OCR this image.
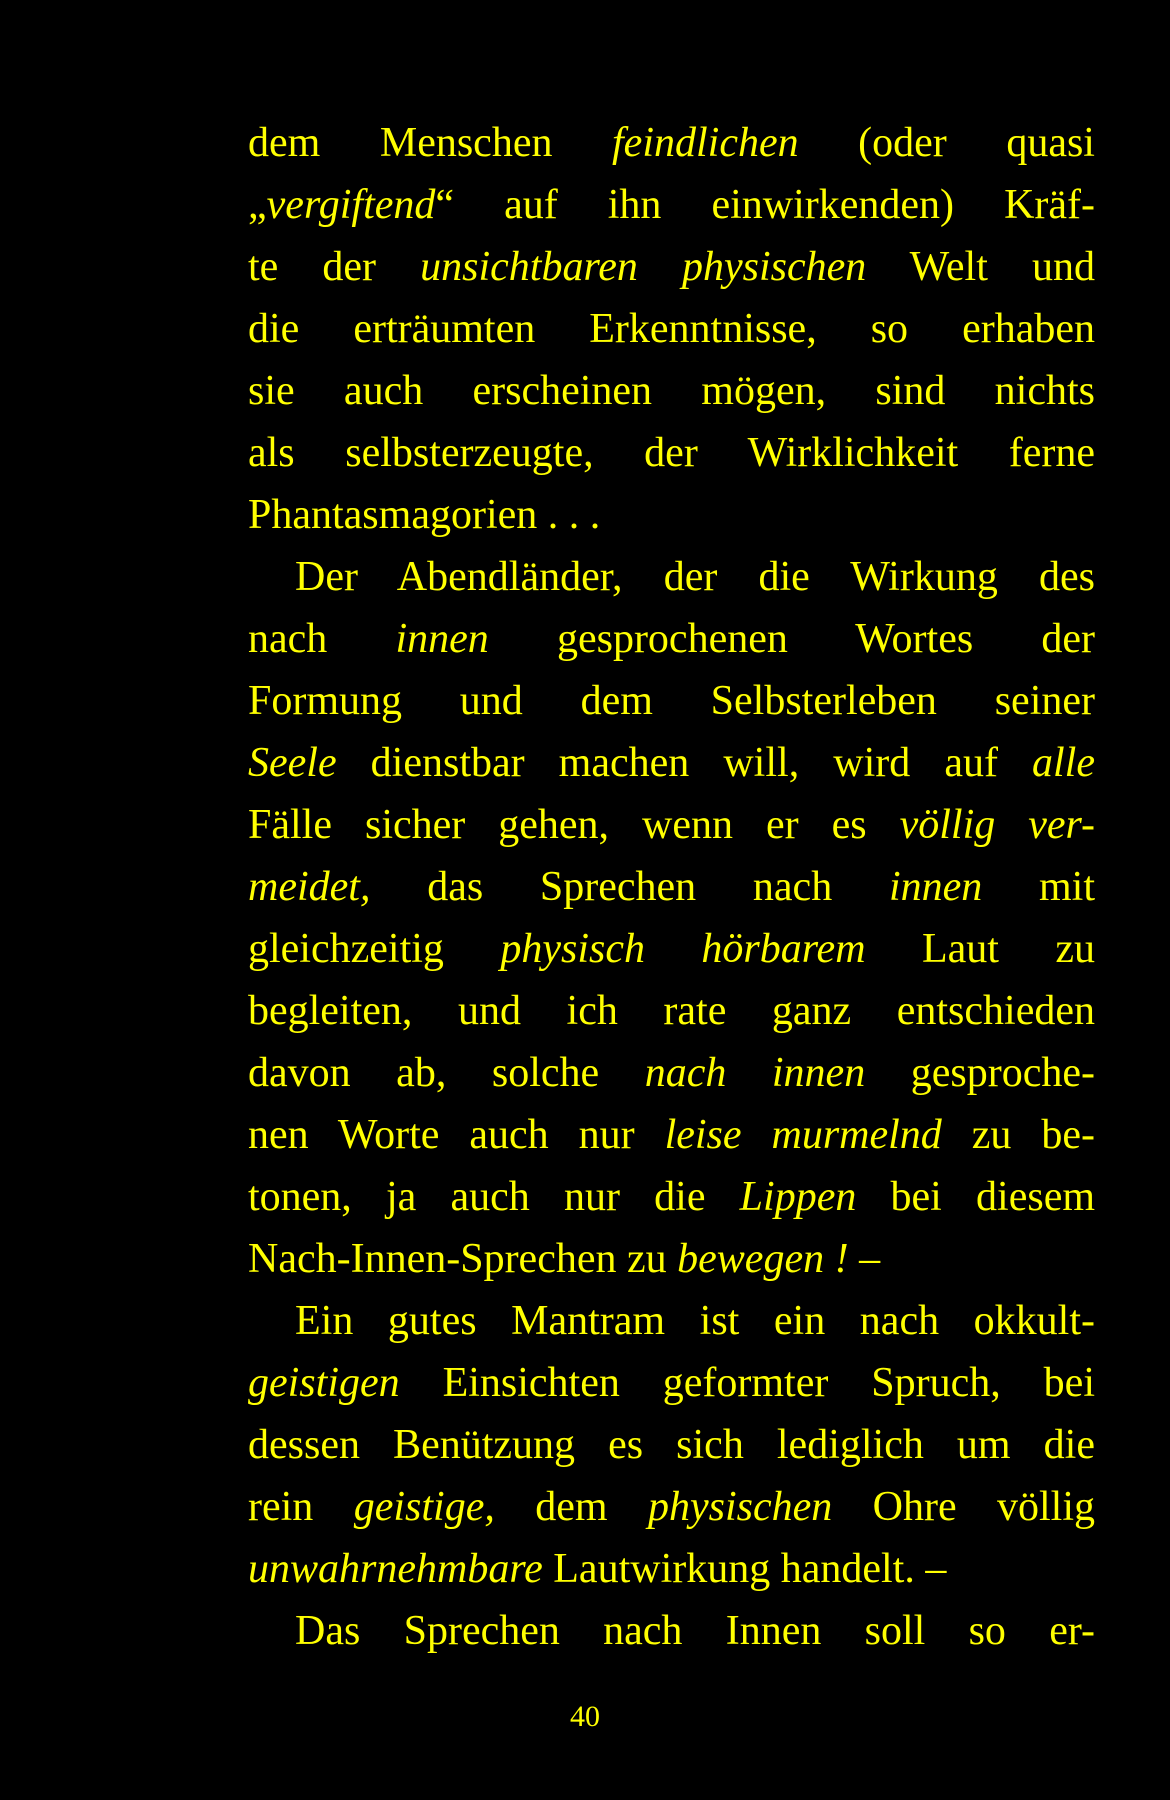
dem Menschen feindlichen (oder quasi
„vergiftend“ auf ihn einwirkenden) Kräf-
te der unsichtbaren physischen Welt und
die erträumten Erkenntnisse, so erhaben
sie auch erscheinen mögen, sind nichts
als selbsterzeugte, der Wirklichkeit ferne
Phantasmagorien . . .
Der Abendländer, der die Wirkung des
nach innen gesprochenen Wortes der
Formung und dem Selbsterleben seiner
Seele dienstbar machen will, wird auf alle
Fälle sicher gehen, wenn er es völlig ver-
meidet, das Sprechen nach innen mit
gleichzeitig physisch hörbarem Laut zu
begleiten, und ich rate ganz entschieden
davon ab, solche nach innen gesproche-
nen Worte auch nur leise murmelnd zu be-
tonen, ja auch nur die Lippen bei diesem
Nach-Innen-Sprechen zu bewegen ! –
Ein gutes Mantram ist ein nach okkult-
geistigen Einsichten geformter Spruch, bei
dessen Benützung es sich lediglich um die
rein geistige, dem physischen Ohre völlig
unwahrnehmbare Lautwirkung handelt. –
Das Sprechen nach Innen soll so er-
40
